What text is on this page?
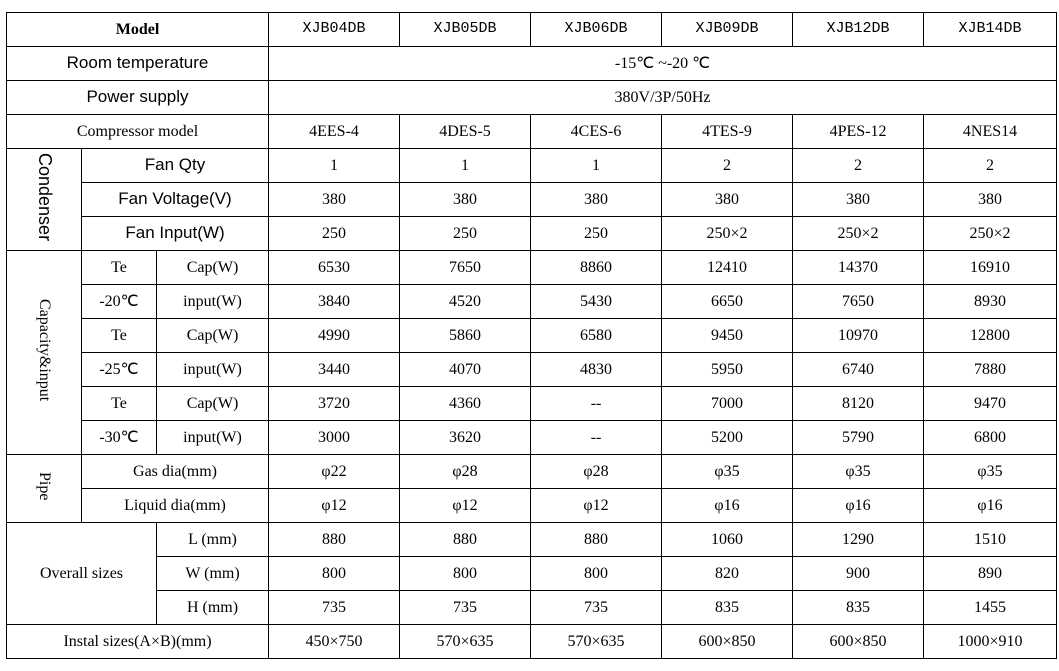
Model			XJB04DB	XJB05DB	XJB06DB	XJB09DB	XJB12DB	XJB14DB
Room temperature			-15℃ ~-20 ℃					
Power supply			380V/3P/50Hz					
Compressor model			4EES-4	4DES-5	4CES-6	4TES-9	4PES-12	4NES14
Condenser	Fan Qty		1	1	1	2	2	2
	Fan Voltage(V)		380	380	380	380	380	380
	Fan Input(W)		250	250	250	250×2	250×2	250×2
Capacity&input	Te	Cap(W)	6530	7650	8860	12410	14370	16910
	-20℃	input(W)	3840	4520	5430	6650	7650	8930
	Te	Cap(W)	4990	5860	6580	9450	10970	12800
	-25℃	input(W)	3440	4070	4830	5950	6740	7880
	Te	Cap(W)	3720	4360	--	7000	8120	9470
	-30℃	input(W)	3000	3620	--	5200	5790	6800
Pipe	Gas dia(mm)		φ22	φ28	φ28	φ35	φ35	φ35
	Liquid dia(mm)		φ12	φ12	φ12	φ16	φ16	φ16
Overall sizes		L (mm)	880	880	880	1060	1290	1510
		W (mm)	800	800	800	820	900	890
		H (mm)	735	735	735	835	835	1455
Instal sizes(A×B)(mm)			450×750	570×635	570×635	600×850	600×850	1000×910
